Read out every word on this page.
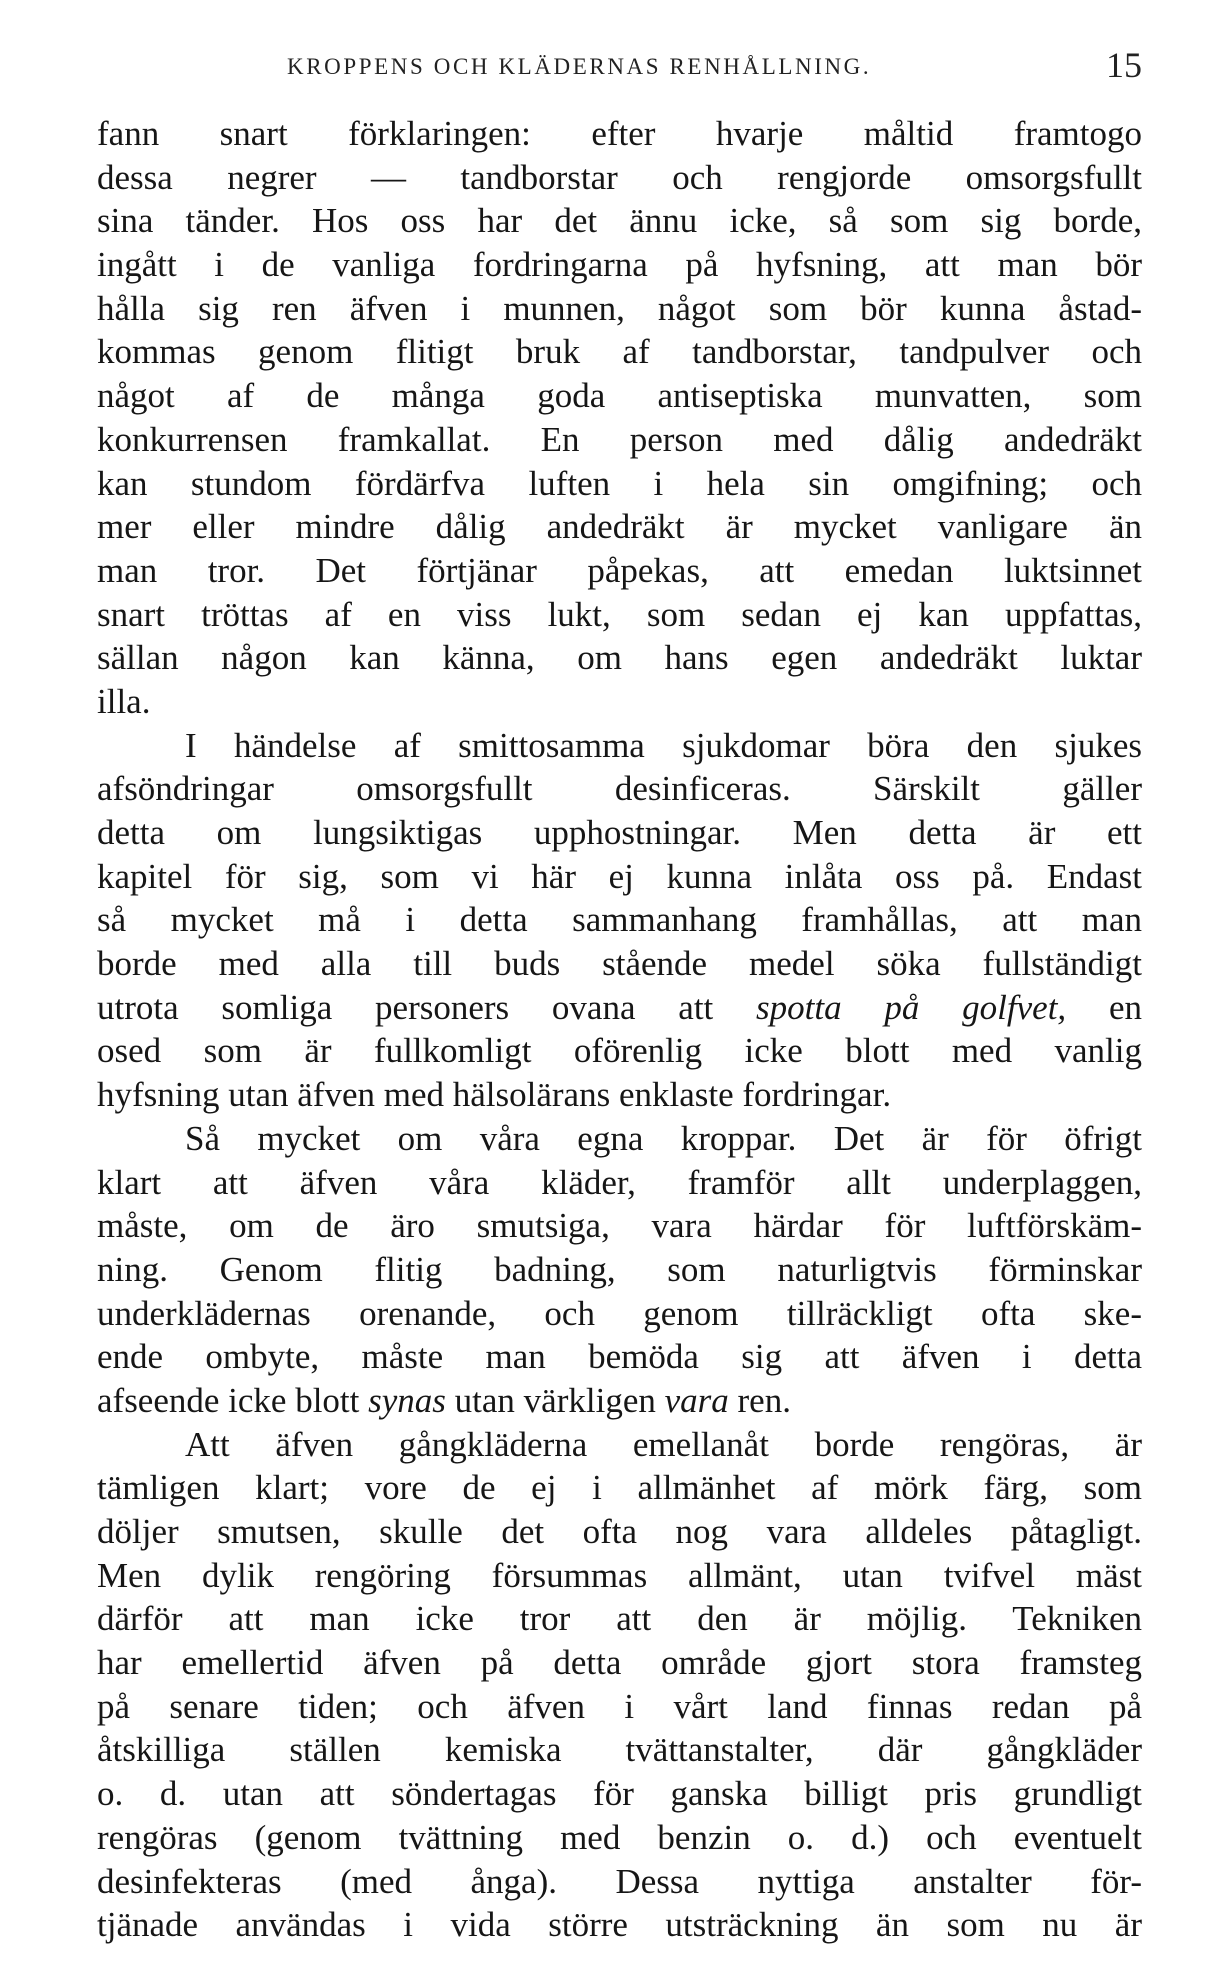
KROPPENS OCH KLÄDERNAS RENHÅLLNING.	15
fann snart förklaringen: efter hvarje måltid framtogo
dessa negrer — tandborstar och rengjorde omsorgsfullt
sina tänder. Hos oss har det ännu icke, så som sig borde,
ingått i de vanliga fordringarna på hyfsning, att man bör
hålla sig ren äfven i munnen, något som bör kunna åstad-
kommas genom flitigt bruk af tandborstar, tandpulver och
något af de många goda antiseptiska munvatten, som
konkurrensen framkallat. En person med dålig andedräkt
kan stundom fördärfva luften i hela sin omgifning; och
mer eller mindre dålig andedräkt är mycket vanligare än
man tror. Det förtjänar påpekas, att emedan luktsinnet
snart tröttas af en viss lukt, som sedan ej kan uppfattas,
sällan någon kan känna, om hans egen andedräkt luktar
illa.
I händelse af smittosamma sjukdomar böra den sjukes
afsöndringar omsorgsfullt desinficeras. Särskilt gäller
detta om lungsiktigas upphostningar. Men detta är ett
kapitel för sig, som vi här ej kunna inlåta oss på. Endast
så mycket må i detta sammanhang framhållas, att man
borde med alla till buds stående medel söka fullständigt
utrota somliga personers ovana att spotta på golfvet, en
osed som är fullkomligt oförenlig icke blott med vanlig
hyfsning utan äfven med hälsolärans enklaste fordringar.
Så mycket om våra egna kroppar. Det är för öfrigt
klart att äfven våra kläder, framför allt underplaggen,
måste, om de äro smutsiga, vara härdar för luftförskäm-
ning. Genom flitig badning, som naturligtvis förminskar
underklädernas orenande, och genom tillräckligt ofta ske-
ende ombyte, måste man bemöda sig att äfven i detta
afseende icke blott synas utan värkligen vara ren.
Att äfven gångkläderna emellanåt borde rengöras, är
tämligen klart; vore de ej i allmänhet af mörk färg, som
döljer smutsen, skulle det ofta nog vara alldeles påtagligt.
Men dylik rengöring försummas allmänt, utan tvifvel mäst
därför att man icke tror att den är möjlig. Tekniken
har emellertid äfven på detta område gjort stora framsteg
på senare tiden; och äfven i vårt land finnas redan på
åtskilliga ställen kemiska tvättanstalter, där gångkläder
o. d. utan att söndertagas för ganska billigt pris grundligt
rengöras (genom tvättning med benzin o. d.) och eventuelt
desinfekteras (med ånga). Dessa nyttiga anstalter för-
tjänade användas i vida större utsträckning än som nu är
